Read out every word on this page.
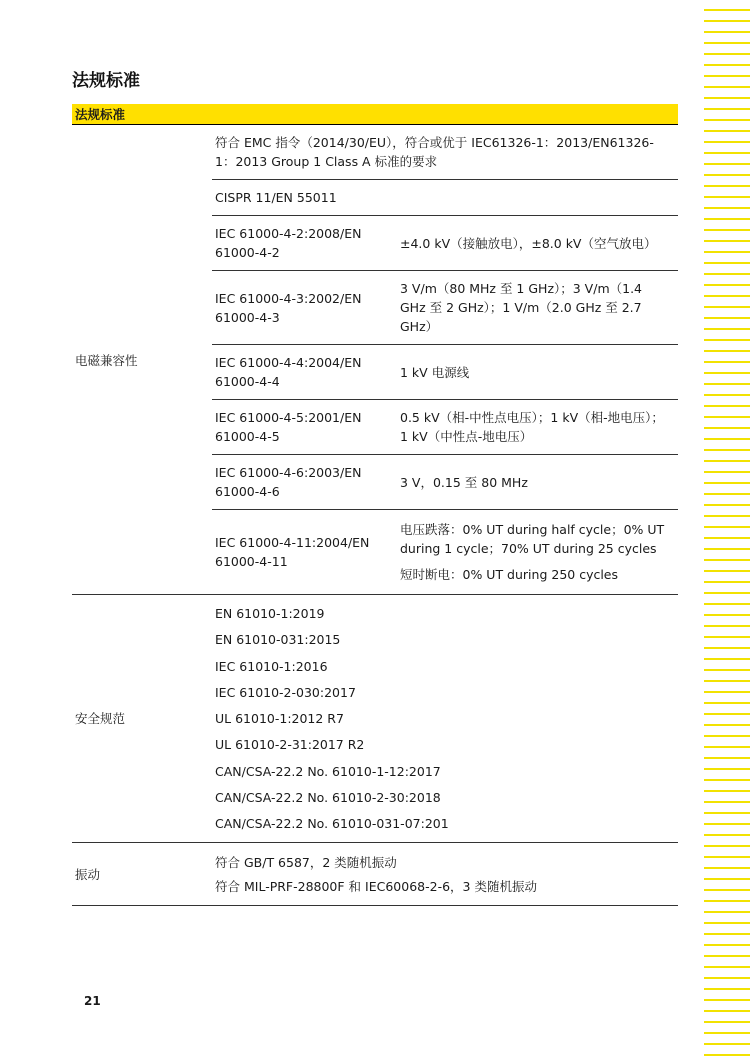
法规标准
法规标准
电磁兼容性
符合 EMC 指令（2014/30/EU），符合或优于 IEC61326-1：2013/EN61326-1：2013 Group 1 Class A 标准的要求
CISPR 11/EN 55011
IEC 61000-4-2:2008/EN 61000-4-2
±4.0 kV（接触放电），±8.0 kV（空气放电）
IEC 61000-4-3:2002/EN 61000-4-3
3 V/m（80 MHz 至 1 GHz）；3 V/m（1.4 GHz 至 2 GHz）；1 V/m（2.0 GHz 至 2.7 GHz）
IEC 61000-4-4:2004/EN 61000-4-4
1 kV 电源线
IEC 61000-4-5:2001/EN 61000-4-5
0.5 kV（相-中性点电压）；1 kV（相-地电压）；1 kV（中性点-地电压）
IEC 61000-4-6:2003/EN 61000-4-6
3 V，0.15 至 80 MHz
IEC 61000-4-11:2004/EN 61000-4-11
电压跌落：0% UT during half cycle；0% UT during 1 cycle；70% UT during 25 cycles
短时断电：0% UT during 250 cycles
安全规范
EN 61010-1:2019
EN 61010-031:2015
IEC 61010-1:2016
IEC 61010-2-030:2017
UL 61010-1:2012 R7
UL 61010-2-31:2017 R2
CAN/CSA-22.2 No. 61010-1-12:2017
CAN/CSA-22.2 No. 61010-2-30:2018
CAN/CSA-22.2 No. 61010-031-07:201
振动
符合 GB/T 6587，2 类随机振动
符合 MIL-PRF-28800F 和 IEC60068-2-6，3 类随机振动
21
